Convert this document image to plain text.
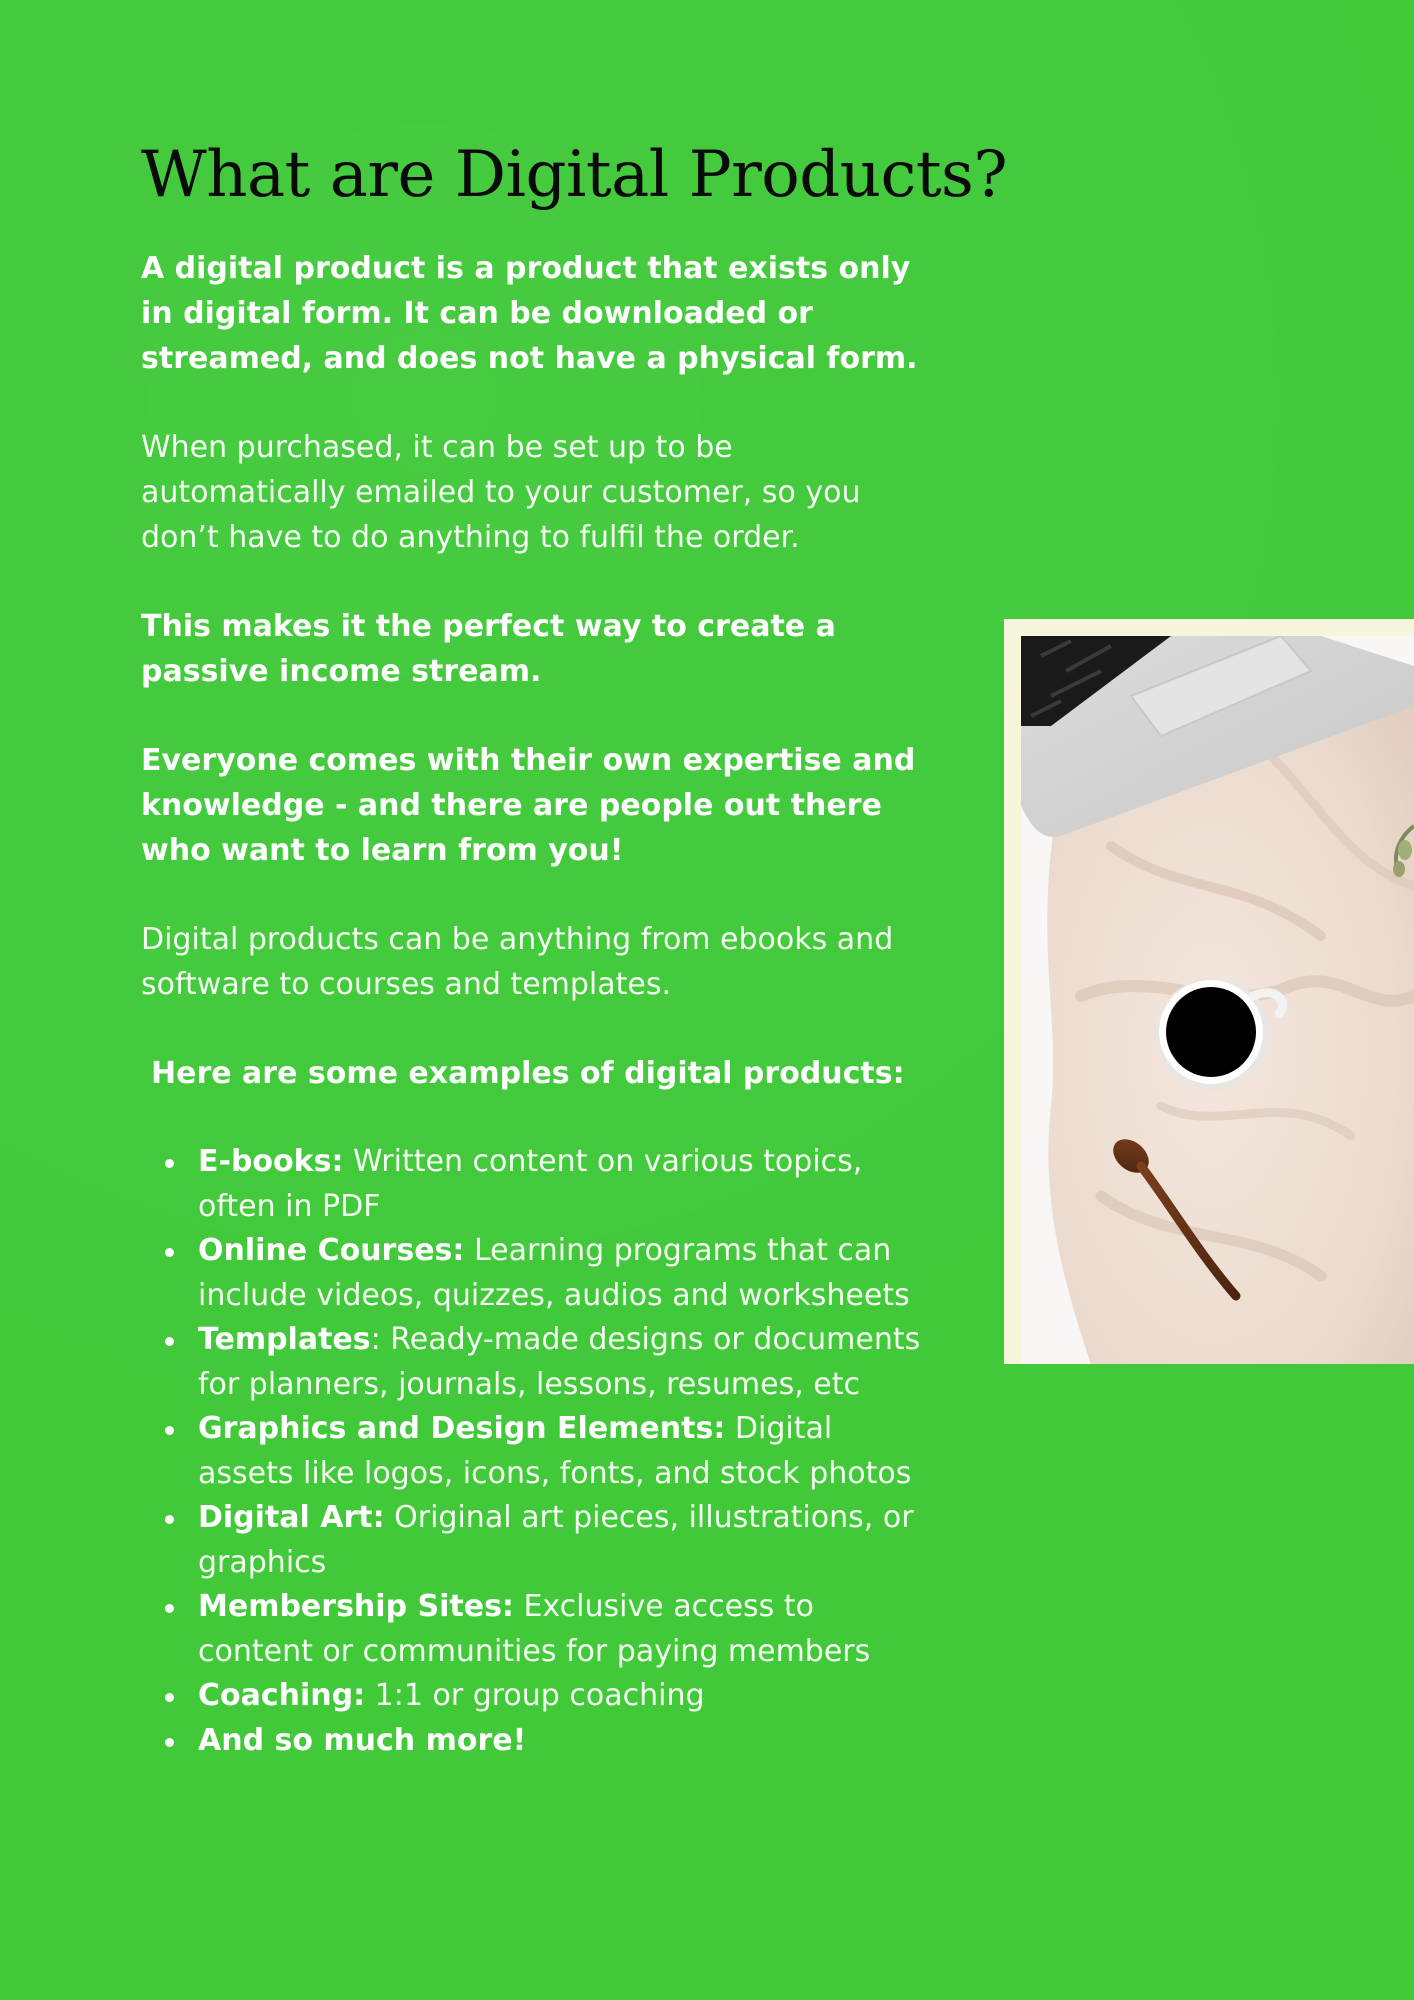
What are Digital Products?

A digital product is a product that exists only in digital form. It can be downloaded or streamed, and does not have a physical form.

When purchased, it can be set up to be automatically emailed to your customer, so you don’t have to do anything to fulfil the order.

This makes it the perfect way to create a passive income stream.

Everyone comes with their own expertise and knowledge - and there are people out there who want to learn from you!

Digital products can be anything from ebooks and software to courses and templates.

Here are some examples of digital products:

E-books: Written content on various topics, often in PDF
Online Courses: Learning programs that can include videos, quizzes, audios and worksheets
Templates: Ready-made designs or documents for planners, journals, lessons, resumes, etc
Graphics and Design Elements: Digital assets like logos, icons, fonts, and stock photos
Digital Art: Original art pieces, illustrations, or graphics
Membership Sites: Exclusive access to content or communities for paying members
Coaching: 1:1 or group coaching
And so much more!
